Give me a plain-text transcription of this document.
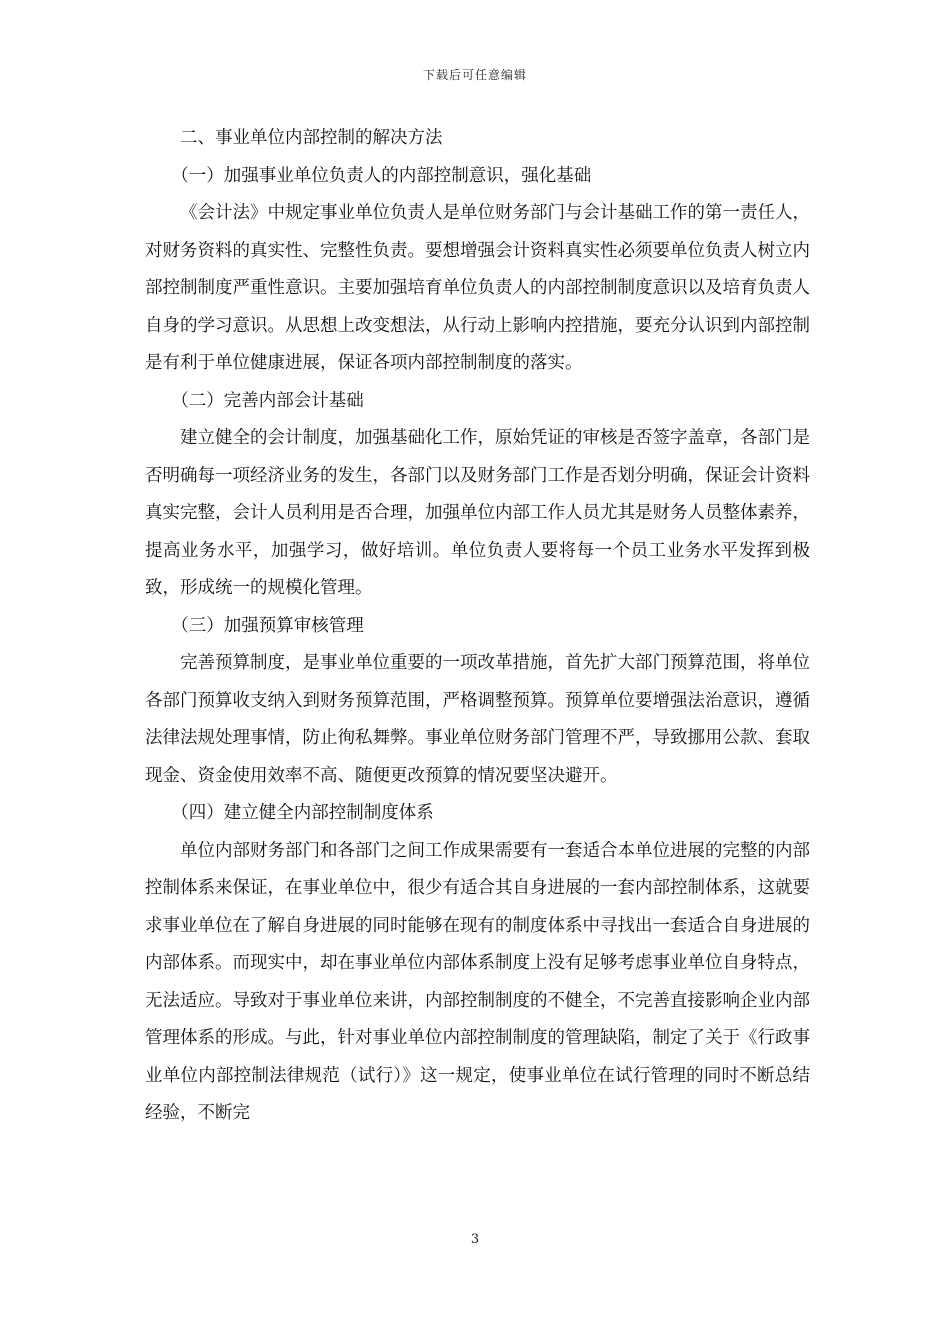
下载后可任意编辑

二、事业单位内部控制的解决方法

（一）加强事业单位负责人的内部控制意识，强化基础

《会计法》中规定事业单位负责人是单位财务部门与会计基础工作的第一责任人，对财务资料的真实性、完整性负责。要想增强会计资料真实性必须要单位负责人树立内部控制制度严重性意识。主要加强培育单位负责人的内部控制制度意识以及培育负责人自身的学习意识。从思想上改变想法，从行动上影响内控措施，要充分认识到内部控制是有利于单位健康进展，保证各项内部控制制度的落实。

（二）完善内部会计基础

建立健全的会计制度，加强基础化工作，原始凭证的审核是否签字盖章，各部门是否明确每一项经济业务的发生，各部门以及财务部门工作是否划分明确，保证会计资料真实完整，会计人员利用是否合理，加强单位内部工作人员尤其是财务人员整体素养，提高业务水平，加强学习，做好培训。单位负责人要将每一个员工业务水平发挥到极致，形成统一的规模化管理。

（三）加强预算审核管理

完善预算制度，是事业单位重要的一项改革措施，首先扩大部门预算范围，将单位各部门预算收支纳入到财务预算范围，严格调整预算。预算单位要增强法治意识，遵循法律法规处理事情，防止徇私舞弊。事业单位财务部门管理不严，导致挪用公款、套取现金、资金使用效率不高、随便更改预算的情况要坚决避开。

（四）建立健全内部控制制度体系

单位内部财务部门和各部门之间工作成果需要有一套适合本单位进展的完整的内部控制体系来保证，在事业单位中，很少有适合其自身进展的一套内部控制体系，这就要求事业单位在了解自身进展的同时能够在现有的制度体系中寻找出一套适合自身进展的内部体系。而现实中，却在事业单位内部体系制度上没有足够考虑事业单位自身特点，无法适应。导致对于事业单位来讲，内部控制制度的不健全，不完善直接影响企业内部管理体系的形成。与此，针对事业单位内部控制制度的管理缺陷，制定了关于《行政事业单位内部控制法律规范（试行）》这一规定，使事业单位在试行管理的同时不断总结经验，不断完

3
